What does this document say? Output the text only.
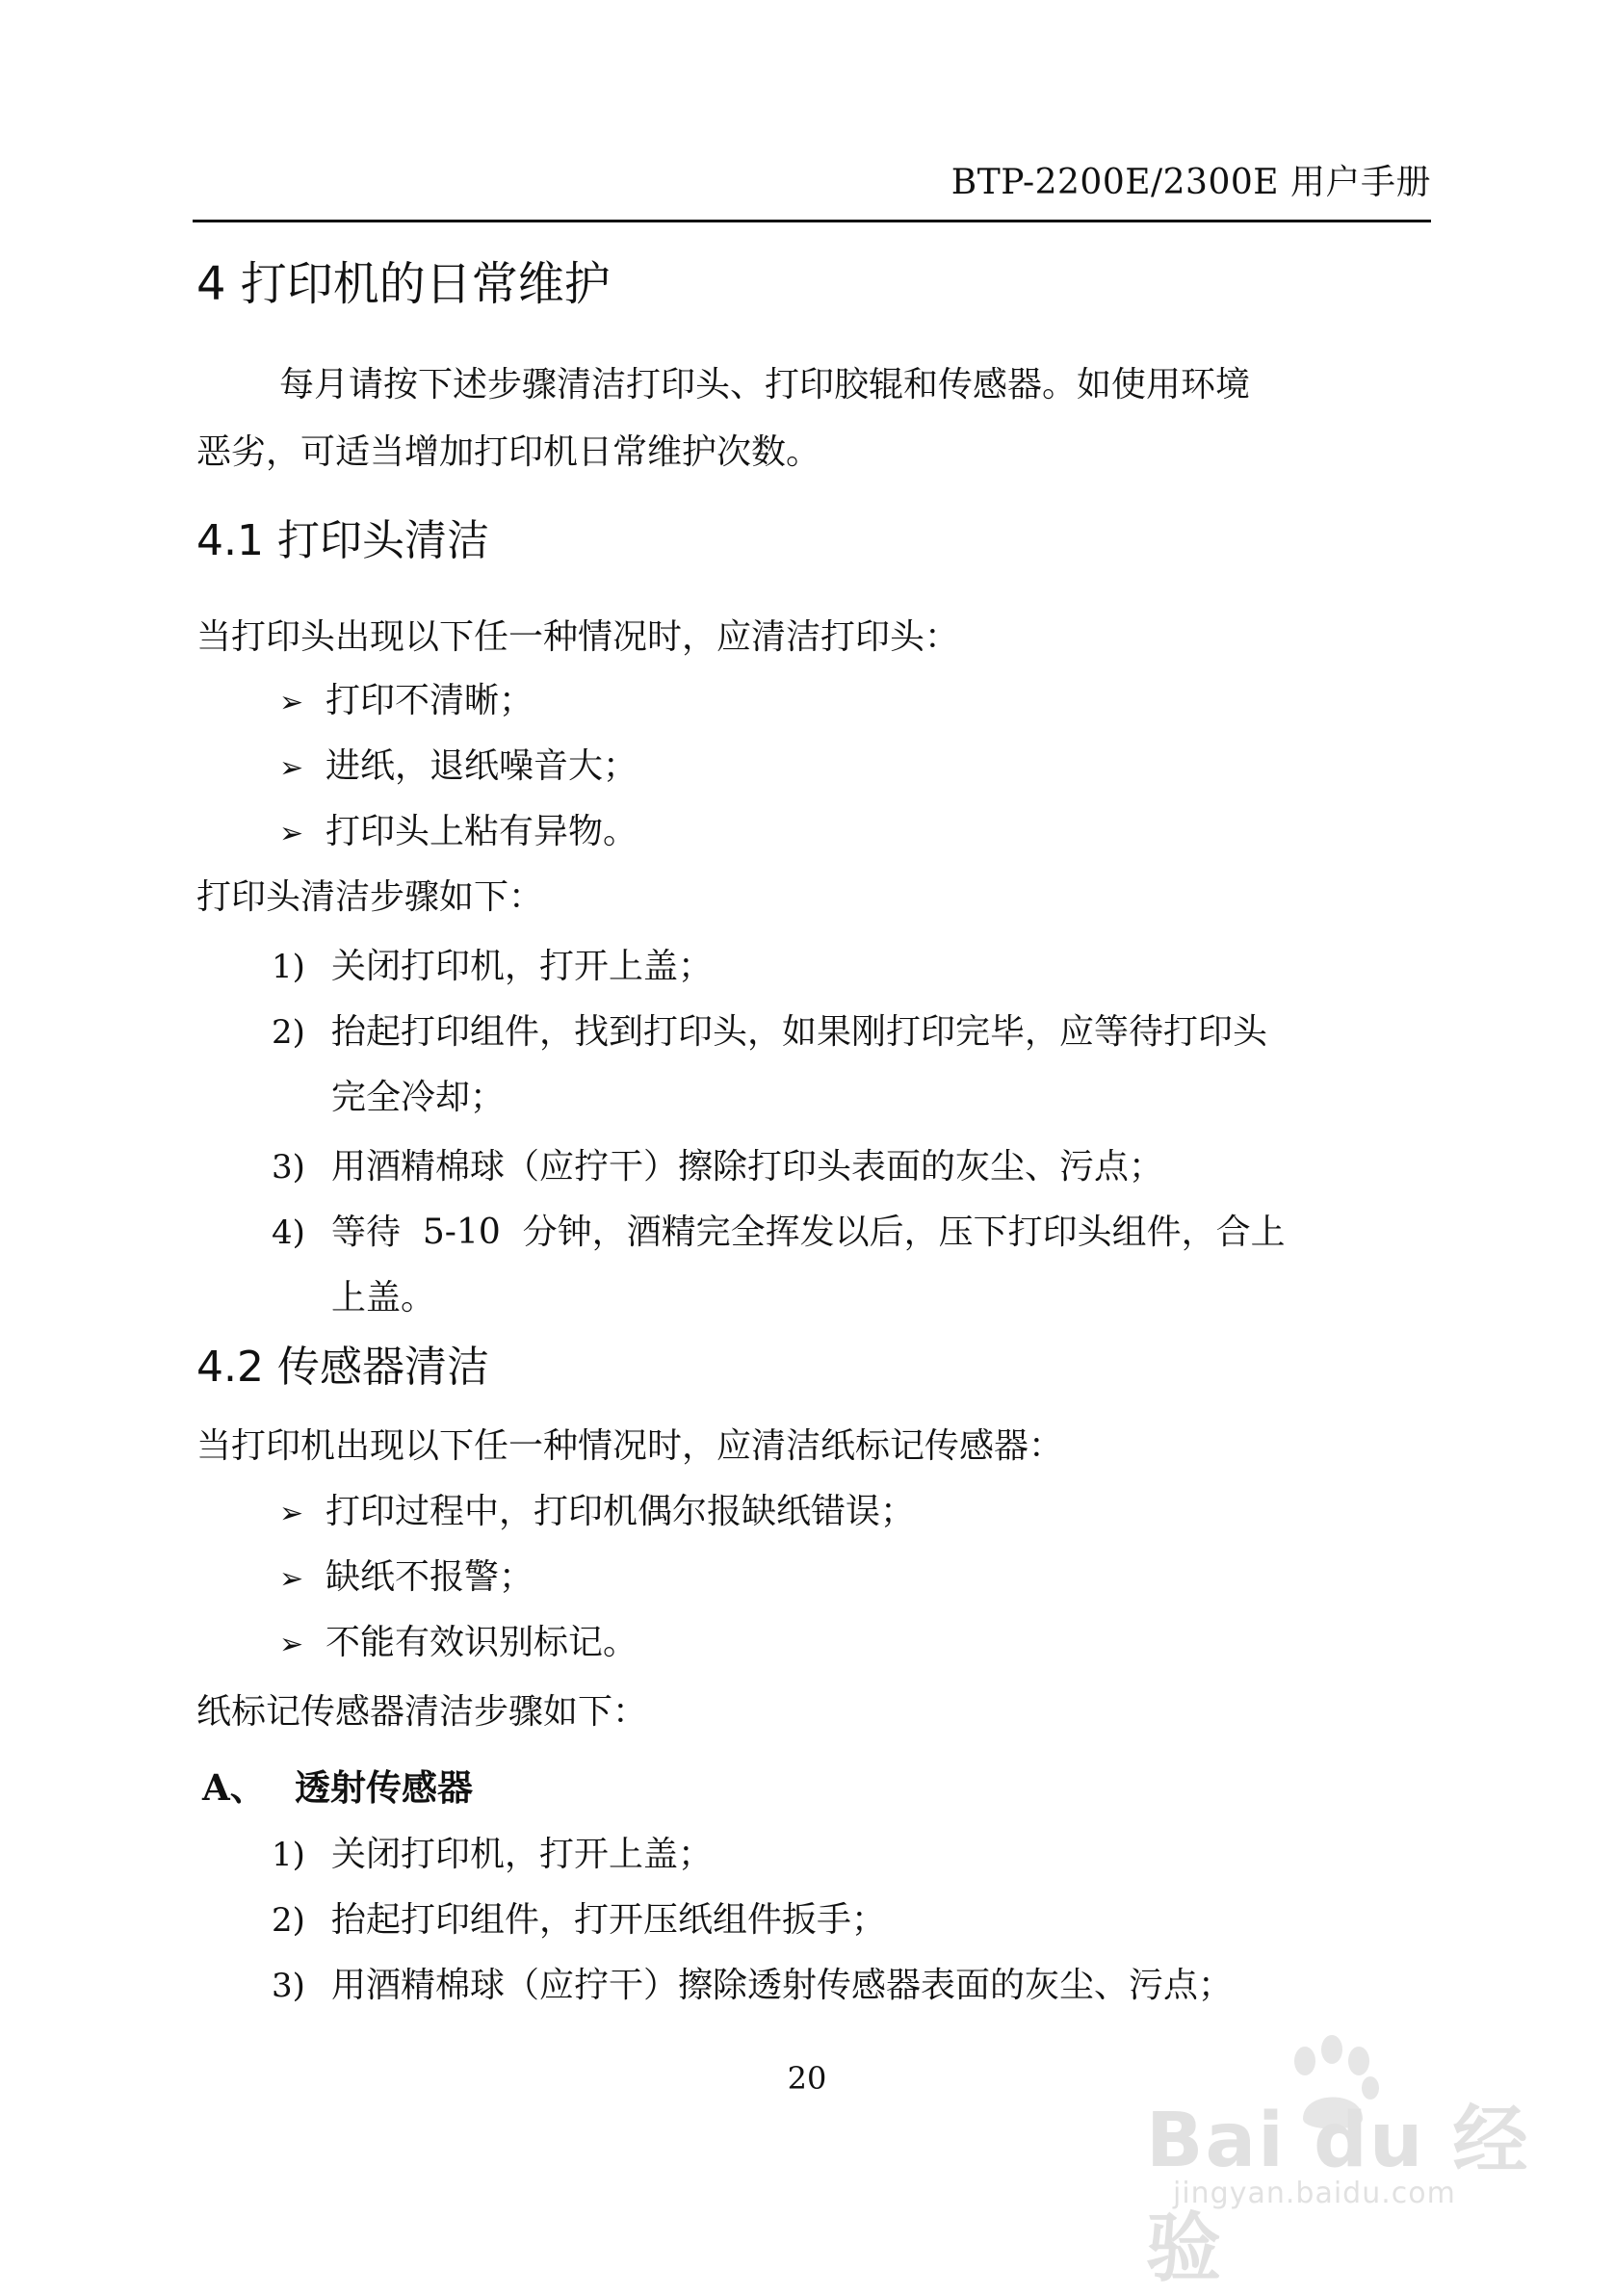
BTP-2200E/2300E 用户手册
4 打印机的日常维护
每月请按下述步骤清洁打印头、打印胶辊和传感器。如使用环境
恶劣，可适当增加打印机日常维护次数。
4.1 打印头清洁
当打印头出现以下任一种情况时，应清洁打印头：
➢ 打印不清晰；
➢ 进纸，退纸噪音大；
➢ 打印头上粘有异物。
打印头清洁步骤如下：
1) 关闭打印机，打开上盖；
2) 抬起打印组件，找到打印头，如果刚打印完毕，应等待打印头
完全冷却；
3) 用酒精棉球（应拧干）擦除打印头表面的灰尘、污点；
4) 等待  5-10  分钟，酒精完全挥发以后，压下打印头组件，合上
上盖。
4.2 传感器清洁
当打印机出现以下任一种情况时，应清洁纸标记传感器：
➢ 打印过程中，打印机偶尔报缺纸错误；
➢ 缺纸不报警；
➢ 不能有效识别标记。
纸标记传感器清洁步骤如下：
A、 透射传感器
1) 关闭打印机，打开上盖；
2) 抬起打印组件，打开压纸组件扳手；
3) 用酒精棉球（应拧干）擦除透射传感器表面的灰尘、污点；
20
Bai du 经验
jingyan.baidu.com
